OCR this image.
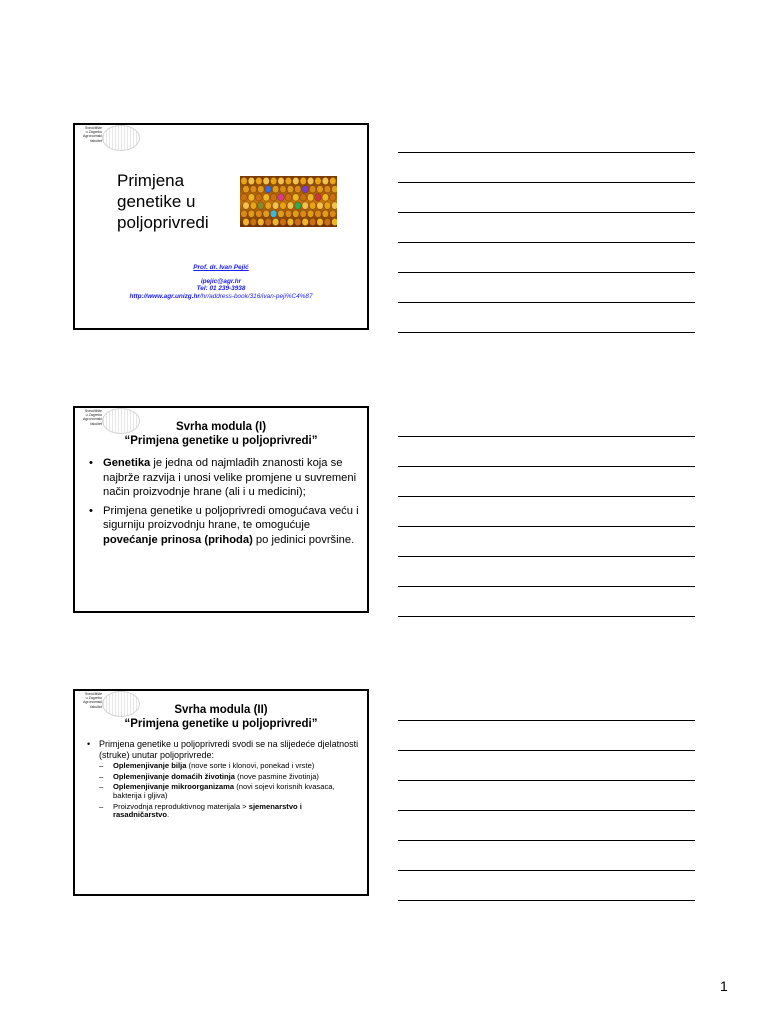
Sveučilište
u Zagrebu
Agronomski
fakultet
Primjena
genetike u
poljoprivredi
Prof. dr. Ivan Pejić
ipejic@agr.hr
Tel: 01 239-3938
http://www.agr.unizg.hr/hr/address-book/316/ivan-peji%C4%87
Sveučilište
u Zagrebu
Agronomski
fakultet	Svrha modula (I)
“Primjena genetike u poljoprivredi”
• Genetika je jedna od najmlađih znanosti koja se najbrže razvija i unosi velike promjene u suvremeni način proizvodnje hrane (ali i u medicini);
• Primjena genetike u poljoprivredi omogućava veću i sigurniju proizvodnju hrane, te omogućuje povećanje prinosa (prihoda) po jedinici površine.
Sveučilište
u Zagrebu
Agronomski
fakultet	Svrha modula (II)
“Primjena genetike u poljoprivredi”
• Primjena genetike u poljoprivredi svodi se na slijedeće djelatnosti (struke) unutar poljoprivrede:
– Oplemenjivanje bilja (nove sorte i klonovi, ponekad i vrste)
– Oplemenjivanje domaćih životinja (nove pasmine životinja)
– Oplemenjivanje mikroorganizama (novi sojevi korisnih kvasaca, bakterija i gljiva)
– Proizvodnja reproduktivnog materijala > sjemenarstvo i rasadničarstvo.
1
